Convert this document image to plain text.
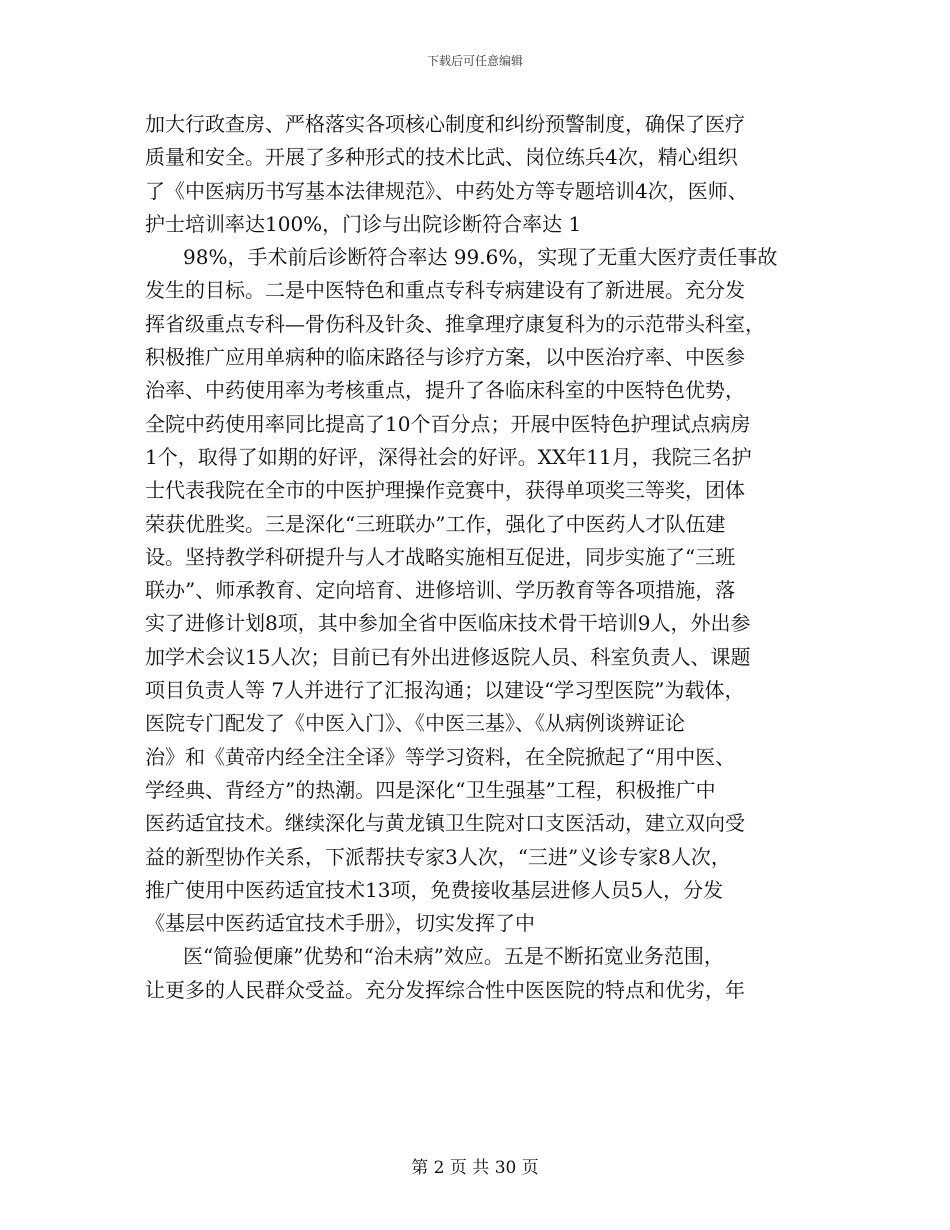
下载后可任意编辑
加大行政查房、严格落实各项核心制度和纠纷预警制度，确保了医疗
质量和安全。开展了多种形式的技术比武、岗位练兵4次，精心组织
了《中医病历书写基本法律规范》、中药处方等专题培训4次，医师、
护士培训率达100%，门诊与出院诊断符合率达 1
98%，手术前后诊断符合率达 99.6%，实现了无重大医疗责任事故
发生的目标。二是中医特色和重点专科专病建设有了新进展。充分发
挥省级重点专科—骨伤科及针灸、推拿理疗康复科为的示范带头科室，
积极推广应用单病种的临床路径与诊疗方案，以中医治疗率、中医参
治率、中药使用率为考核重点，提升了各临床科室的中医特色优势，
全院中药使用率同比提高了10个百分点；开展中医特色护理试点病房
1个，取得了如期的好评，深得社会的好评。XX年11月，我院三名护
士代表我院在全市的中医护理操作竞赛中，获得单项奖三等奖，团体
荣获优胜奖。三是深化“三班联办”工作，强化了中医药人才队伍建
设。坚持教学科研提升与人才战略实施相互促进，同步实施了“三班
联办”、师承教育、定向培育、进修培训、学历教育等各项措施，落
实了进修计划8项，其中参加全省中医临床技术骨干培训9人，外出参
加学术会议15人次；目前已有外出进修返院人员、科室负责人、课题
项目负责人等 7人并进行了汇报沟通；以建设“学习型医院”为载体，
医院专门配发了《中医入门》、《中医三基》、《从病例谈辨证论
治》和《黄帝内经全注全译》等学习资料，在全院掀起了“用中医、
学经典、背经方”的热潮。四是深化“卫生强基”工程，积极推广中
医药适宜技术。继续深化与黄龙镇卫生院对口支医活动，建立双向受
益的新型协作关系，下派帮扶专家3人次，“三进”义诊专家8人次，
推广使用中医药适宜技术13项，免费接收基层进修人员5人，分发
《基层中医药适宜技术手册》，切实发挥了中
医“简验便廉”优势和“治未病”效应。五是不断拓宽业务范围，
让更多的人民群众受益。充分发挥综合性中医医院的特点和优劣，年
第 2 页 共 30 页
